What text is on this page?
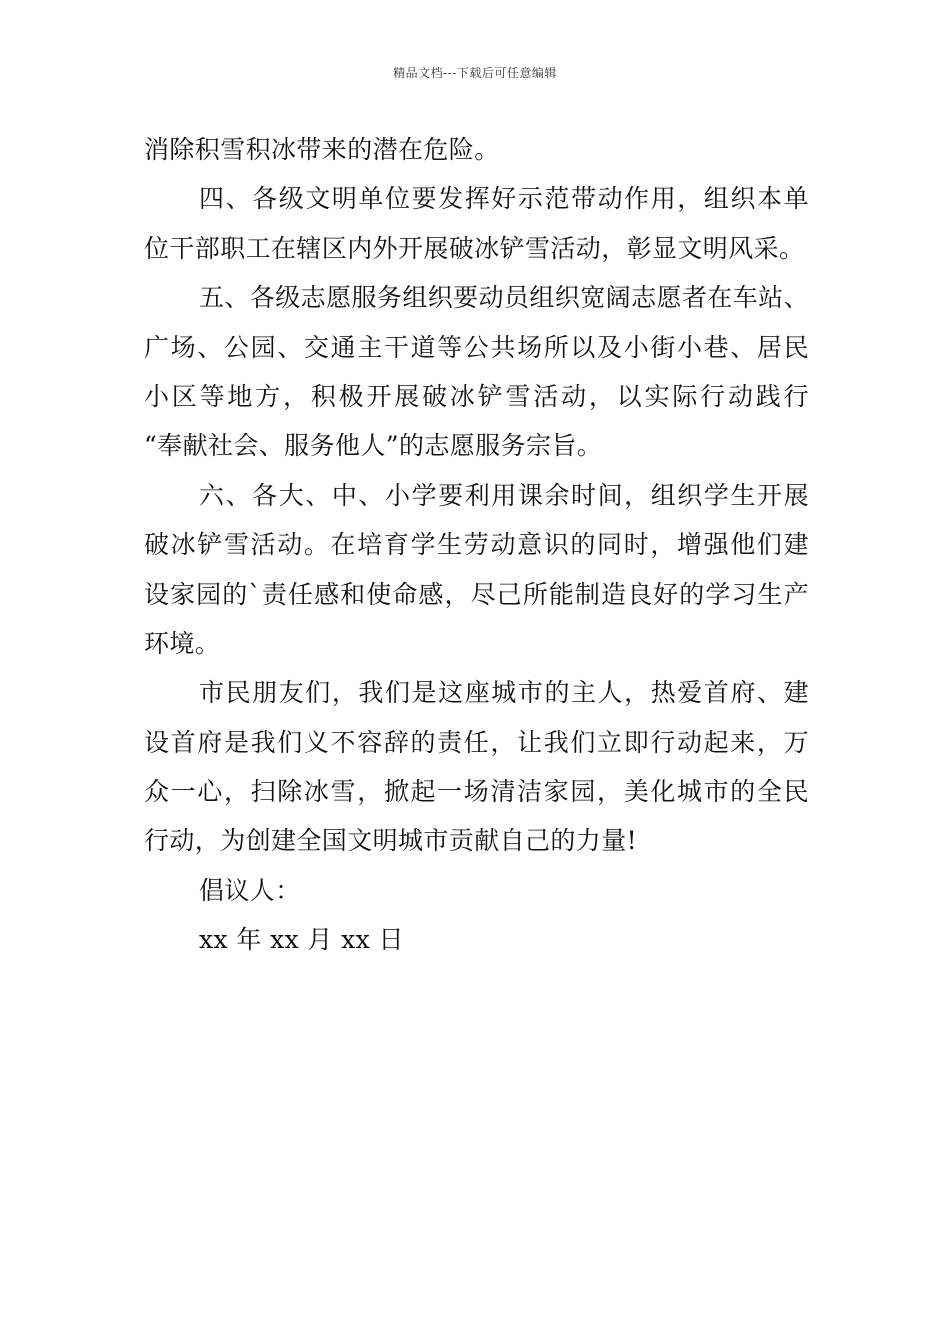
精品文档---下载后可任意编辑
消除积雪积冰带来的潜在危险。
四、各级文明单位要发挥好示范带动作用，组织本单
位干部职工在辖区内外开展破冰铲雪活动，彰显文明风采。
五、各级志愿服务组织要动员组织宽阔志愿者在车站、
广场、公园、交通主干道等公共场所以及小街小巷、居民
小区等地方，积极开展破冰铲雪活动，以实际行动践行
“奉献社会、服务他人”的志愿服务宗旨。
六、各大、中、小学要利用课余时间，组织学生开展
破冰铲雪活动。在培育学生劳动意识的同时，增强他们建
设家园的`责任感和使命感，尽己所能制造良好的学习生产
环境。
市民朋友们，我们是这座城市的主人，热爱首府、建
设首府是我们义不容辞的责任，让我们立即行动起来，万
众一心，扫除冰雪，掀起一场清洁家园，美化城市的全民
行动，为创建全国文明城市贡献自己的力量!
倡议人：
xx 年 xx 月 xx 日
